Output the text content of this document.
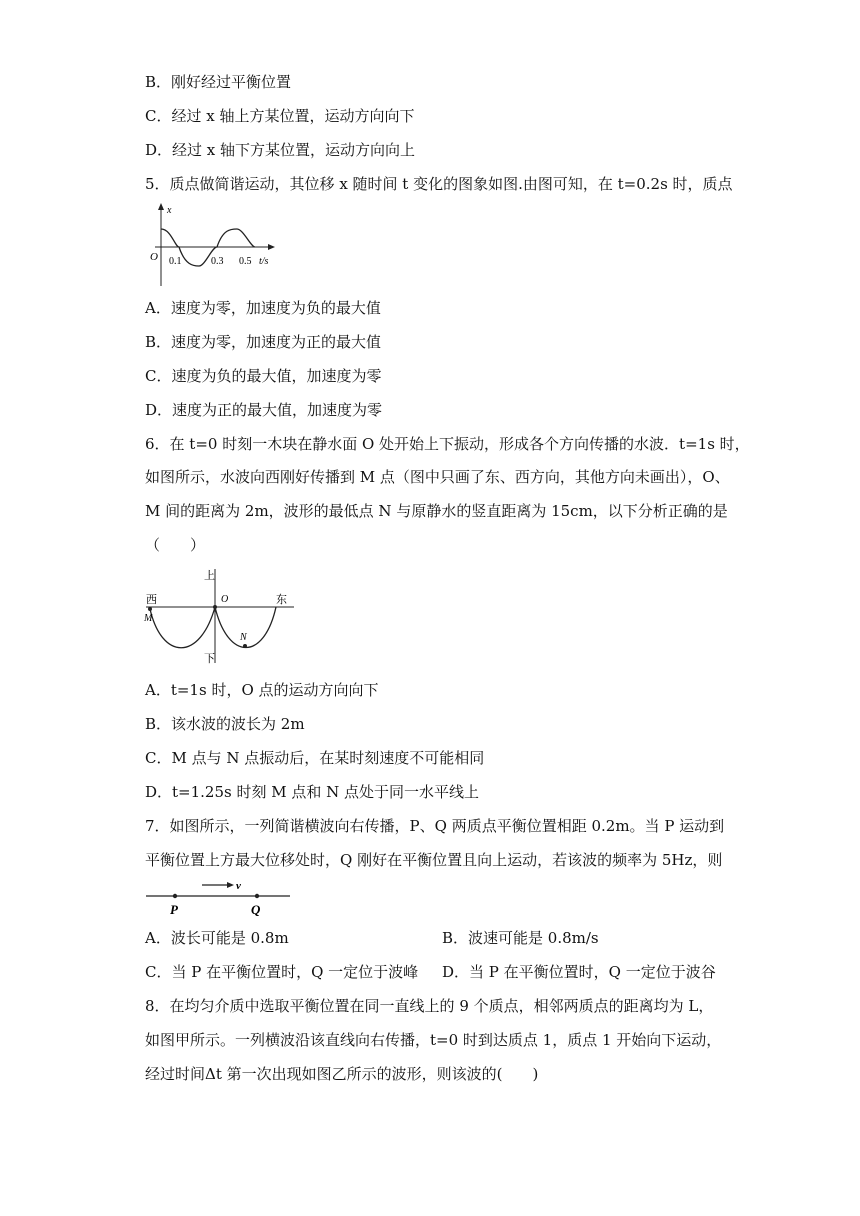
B．刚好经过平衡位置
C．经过 x 轴上方某位置，运动方向向下
D．经过 x 轴下方某位置，运动方向向上
5．质点做简谐运动，其位移 x 随时间 t 变化的图象如图.由图可知，在 t=0.2s 时，质点
x
O 0.1	0.3 0.5 t/s
A．速度为零，加速度为负的最大值
B．速度为零，加速度为正的最大值
C．速度为负的最大值，加速度为零
D．速度为正的最大值，加速度为零
6．在 t=0 时刻一木块在静水面 O 处开始上下振动，形成各个方向传播的水波．t=1s 时，
如图所示，水波向西刚好传播到 M 点（图中只画了东、西方向，其他方向未画出），O、
M 间的距离为 2m，波形的最低点 N 与原静水的竖直距离为 15cm，以下分析正确的是
（　　）
上
下
西	东
O
M
N
A．t=1s 时，O 点的运动方向向下
B．该水波的波长为 2m
C．M 点与 N 点振动后，在某时刻速度不可能相同
D．t=1.25s 时刻 M 点和 N 点处于同一水平线上
7．如图所示，一列简谐横波向右传播，P、Q 两质点平衡位置相距 0.2m。当 P 运动到
平衡位置上方最大位移处时，Q 刚好在平衡位置且向上运动，若该波的频率为 5Hz，则
v
P	Q
A．波长可能是 0.8m	B．波速可能是 0.8m/s
C．当 P 在平衡位置时，Q 一定位于波峰 D．当 P 在平衡位置时，Q 一定位于波谷
8．在均匀介质中选取平衡位置在同一直线上的 9 个质点，相邻两质点的距离均为 L，
如图甲所示。一列横波沿该直线向右传播，t=0 时到达质点 1，质点 1 开始向下运动，
经过时间Δt 第一次出现如图乙所示的波形，则该波的(　　)
